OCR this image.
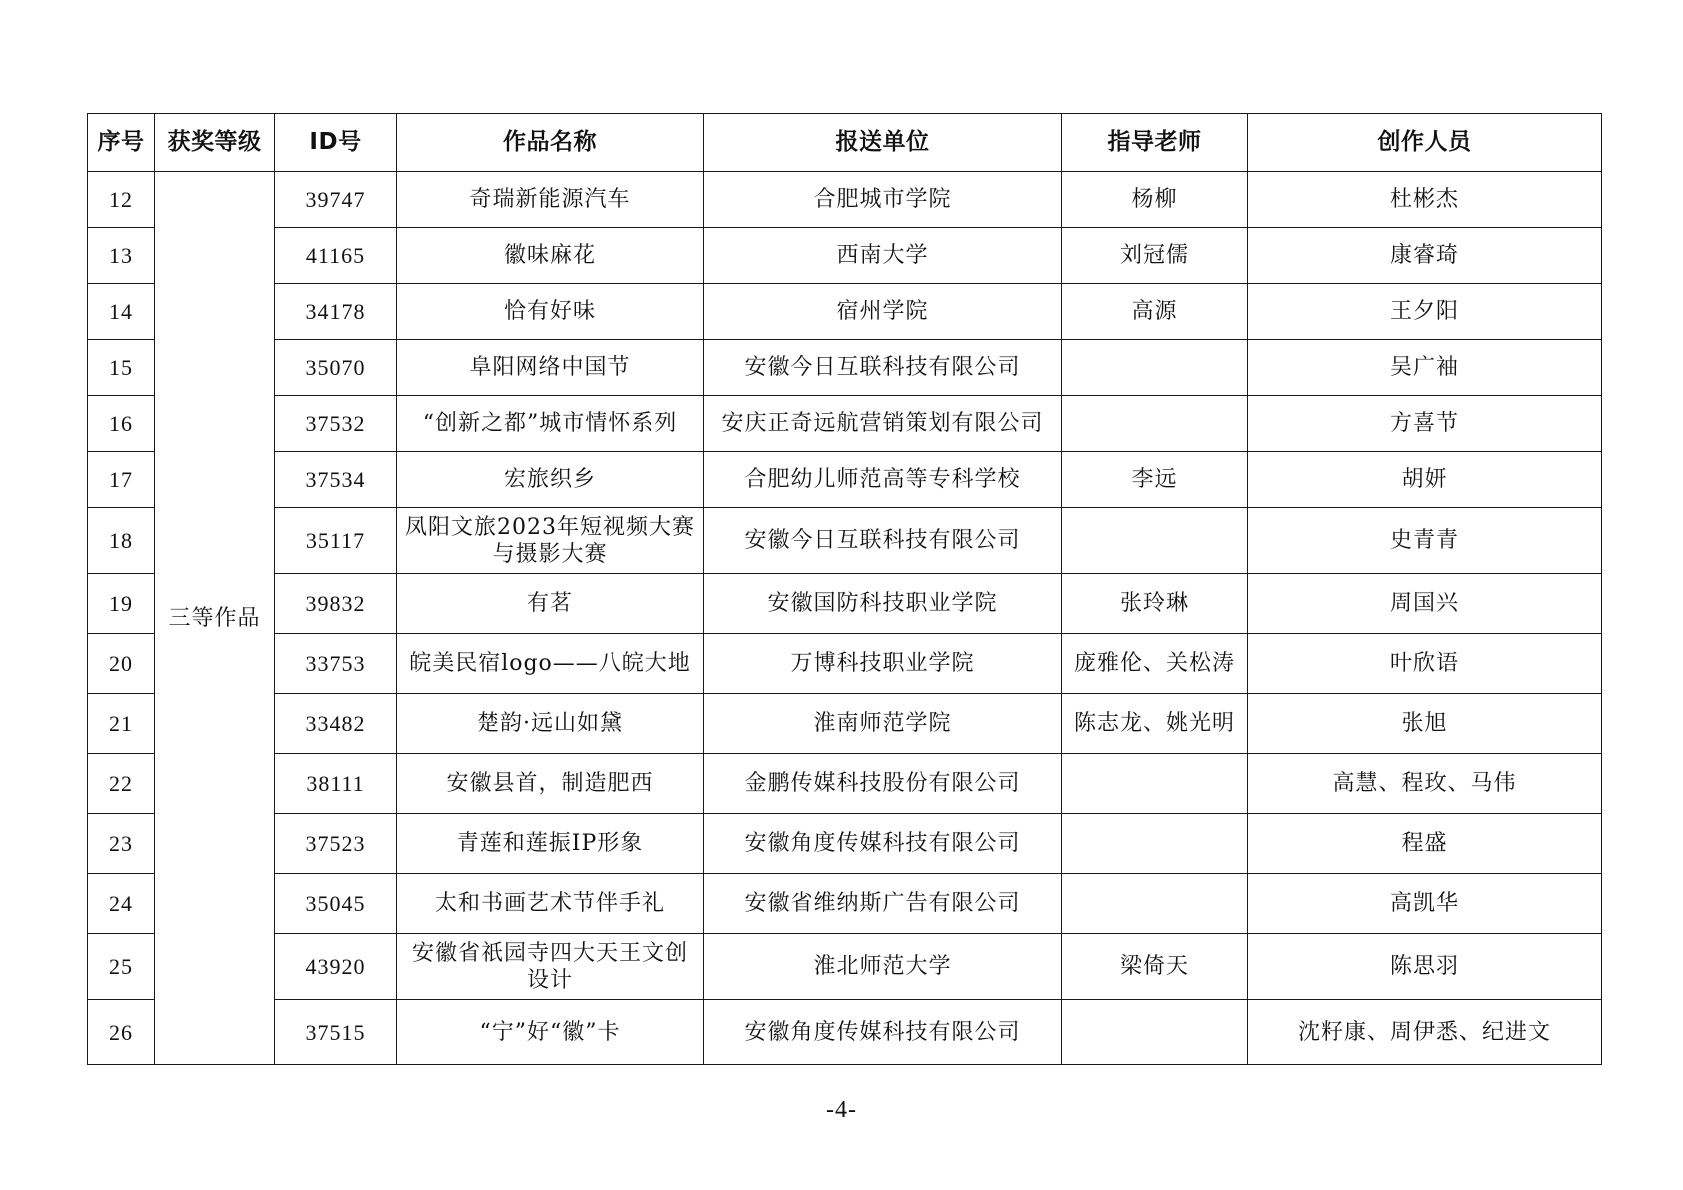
序号	获奖等级	ID号	作品名称	报送单位	指导老师	创作人员
12	三等作品	39747	奇瑞新能源汽车	合肥城市学院	杨柳	杜彬杰
13		41165	徽味麻花	西南大学	刘冠儒	康睿琦
14		34178	恰有好味	宿州学院	高源	王夕阳
15		35070	阜阳网络中国节	安徽今日互联科技有限公司		吴广袖
16		37532	“创新之都”城市情怀系列	安庆正奇远航营销策划有限公司		方喜节
17		37534	宏旅织乡	合肥幼儿师范高等专科学校	李远	胡妍
18		35117	凤阳文旅2023年短视频大赛与摄影大赛	安徽今日互联科技有限公司		史青青
19		39832	有茗	安徽国防科技职业学院	张玲琳	周国兴
20		33753	皖美民宿logo——八皖大地	万博科技职业学院	庞雅伦、关松涛	叶欣语
21		33482	楚韵·远山如黛	淮南师范学院	陈志龙、姚光明	张旭
22		38111	安徽县首，制造肥西	金鹏传媒科技股份有限公司		高慧、程玫、马伟
23		37523	青莲和莲振IP形象	安徽角度传媒科技有限公司		程盛
24		35045	太和书画艺术节伴手礼	安徽省维纳斯广告有限公司		高凯华
25		43920	安徽省祇园寺四大天王文创设计	淮北师范大学	梁倚天	陈思羽
26		37515	“宁”好“徽”卡	安徽角度传媒科技有限公司		沈籽康、周伊悉、纪进文
-4-
